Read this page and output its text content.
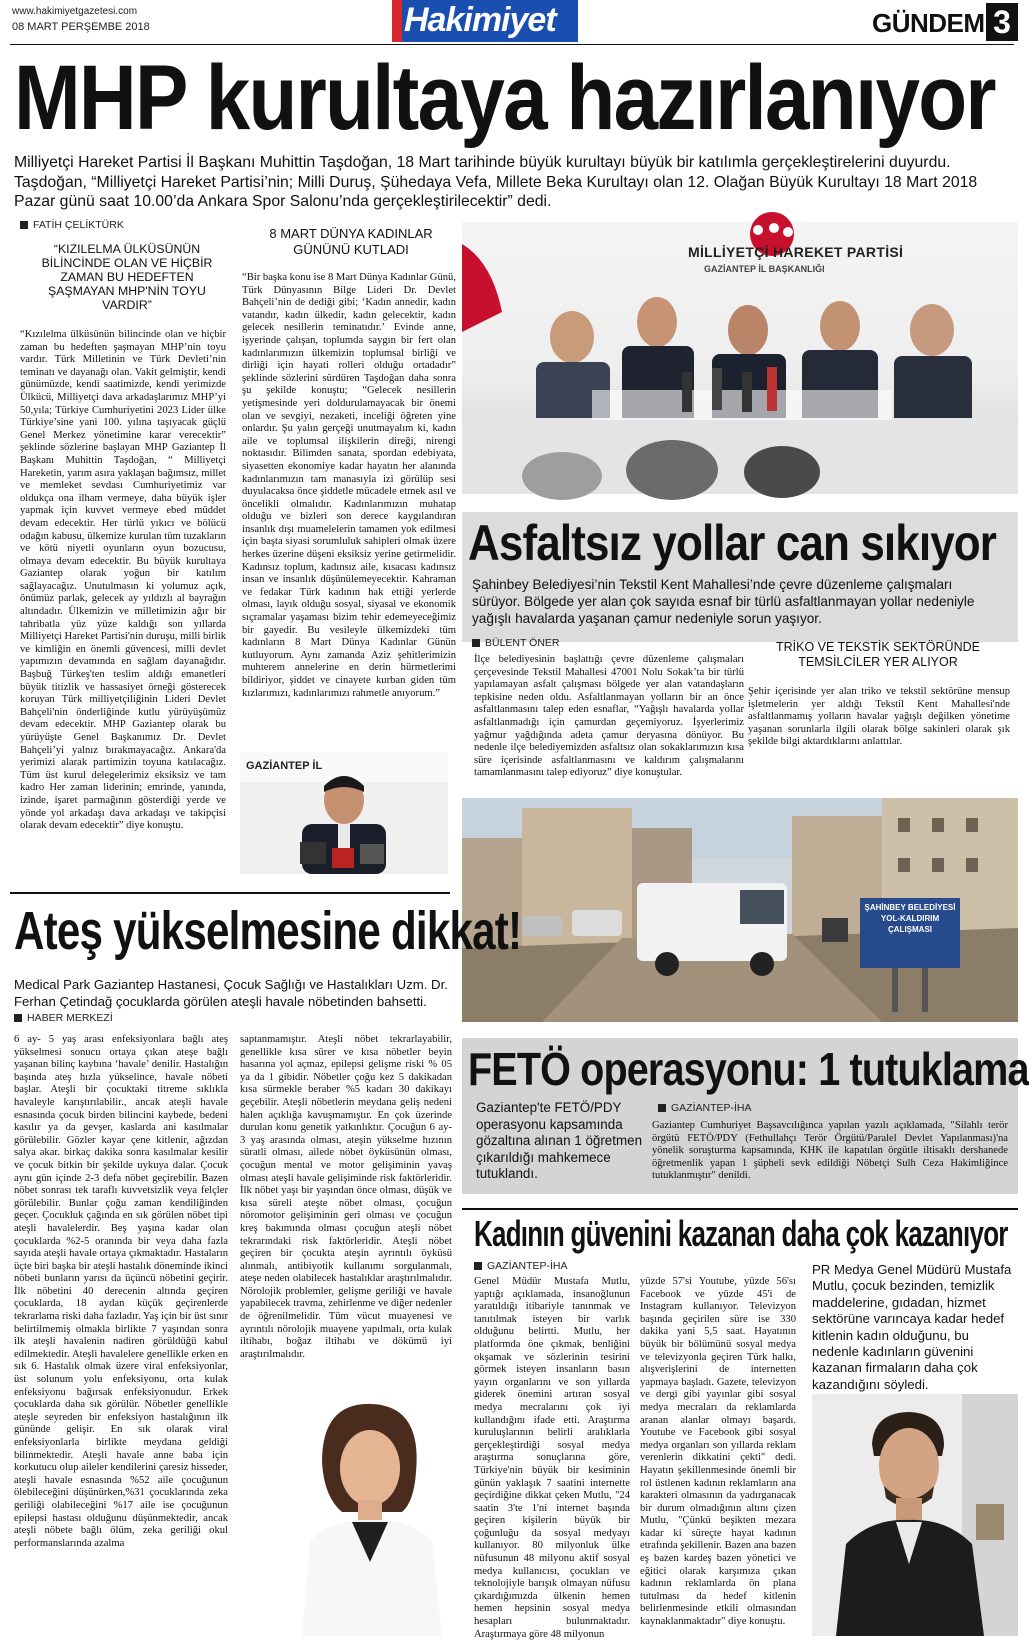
www.hakimiyetgazetesi.com
08 MART PERŞEMBE 2018	Hakimiyet	GÜNDEM 3
MHP kurultaya hazırlanıyor
Milliyetçi Hareket Partisi İl Başkanı Muhittin Taşdoğan, 18 Mart tarihinde büyük kurultayı büyük bir katılımla gerçekleştirelerini duyurdu. Taşdoğan, “Milliyetçi Hareket Partisi’nin; Milli Duruş, Şühedaya Vefa, Millete Beka Kurultayı olan 12. Olağan Büyük Kurultayı 18 Mart 2018 Pazar günü saat 10.00’da Ankara Spor Salonu’nda gerçekleştirilecektir” dedi.
FATİH ÇELİKTÜRK
“KIZILELMA ÜLKÜSÜNÜN BİLİNCİNDE OLAN VE HİÇBİR ZAMAN BU HEDEFTEN ŞAŞMAYAN MHP'NİN TOYU VARDIR”
“Kızılelma ülküsünün bilincinde olan ve hiçbir zaman bu hedeften şaşmayan MHP’nin toyu vardır. Türk Milletinin ve Türk Devleti’nin teminatı ve dayanağı olan. Vakit gelmiştir, kendi günümüzde, kendi saatimizde, kendi yerimizde Ülkücü, Milliyetçi dava arkadaşlarımız MHP’yi 50,yıla; Türkiye Cumhuriyetini 2023 Lider ülke Türkiye’sine yani 100. yılına taşıyacak güçlü Genel Merkez yönetimine karar verecektir” şeklinde sözlerine başlayan MHP Gaziantep İl Başkanı Muhittin Taşdoğan, “ Milliyetçi Hareketin, yarım asıra yaklaşan bağımsız, millet ve memleket sevdası Cumhuriyetimiz var oldukça ona ilham vermeye, daha büyük işler yapmak için kuvvet vermeye ebed müddet devam edecektir. Her türlü yıkıcı ve bölücü odağın kabusu, ülkemize kurulan tüm tuzakların ve kötü niyetli oyunların oyun bozucusu, olmaya devam edecektir. Bu büyük kurultaya Gaziantep olarak yoğun bir katılım sağlayacağız. Unutulmasın ki yolumuz açık, önümüz parlak, gelecek ay yıldızlı al bayrağın altındadır. Ülkemizin ve milletimizin ağır bir tahribatla yüz yüze kaldığı son yıllarda Milliyetçi Hareket Partisi'nin duruşu, milli birlik ve kimliğin en önemli güvencesi, milli devlet yapımızın devamında en sağlam dayanağıdır. Başbuğ Türkeş'ten teslim aldığı emanetleri büyük titizlik ve hassasiyet örneği gösterecek koruyan Türk milliyetçiliğinin Lideri Devlet Bahçeli'nin önderliğinde kutlu yürüyüşümüz devam edecektir. MHP Gaziantep olarak bu yürüyüşte Genel Başkanımız Dr. Devlet Bahçeli’yi yalnız bırakmayacağız. Ankara'da yerimizi alarak partimizin toyuna katılacağız. Tüm üst kurul delegelerimiz eksiksiz ve tam kadro Her zaman liderinin; emrinde, yanında, izinde, işaret parmağının gösterdiği yerde ve yönde yol arkadaşı dava arkadaşı ve takipçisi olarak devam edecektir” diye konuştu.
8 MART DÜNYA KADINLAR GÜNÜNÜ KUTLADI
“Bir başka konu ise 8 Mart Dünya Kadınlar Günü, Türk Dünyasının Bilge Lideri Dr. Devlet Bahçeli’nin de dediği gibi; ‘Kadın annedir, kadın vatandır, kadın ülkedir, kadın gelecektir, kadın gelecek nesillerin teminatıdır.’ Evinde anne, işyerinde çalışan, toplumda saygın bir fert olan kadınlarımızın ülkemizin toplumsal birliği ve dirliği için hayati rolleri olduğu ortadadır” şeklinde sözlerini sürdüren Taşdoğan daha sonra şu şekilde konuştu; “Gelecek nesillerin yetişmesinde yeri doldurulamayacak bir önemi olan ve sevgiyi, nezaketi, inceliği öğreten yine onlardır. Şu yalın gerçeği unutmayalım ki, kadın aile ve toplumsal ilişkilerin direği, nirengi noktasıdır. Bilimden sanata, spordan edebiyata, siyasetten ekonomiye kadar hayatın her alanında kadınlarımızın tam manasıyla izi görülüp sesi duyulacaksa önce şiddetle mücadele etmek asıl ve öncelikli olmalıdır. Kadınlarımızın muhatap olduğu ve bizleri son derece kaygılandıran insanlık dışı muamelelerin tamamen yok edilmesi için başta siyasi sorumluluk sahipleri olmak üzere herkes üzerine düşeni eksiksiz yerine getirmelidir. Kadınsız toplum, kadınsız aile, kısacası kadınsız insan ve insanlık düşünülemeyecektir. Kahraman ve fedakar Türk kadının hak ettiği yerlerde olması, layık olduğu sosyal, siyasal ve ekonomik sıçramalar yaşaması bizim tehir edemeyeceğimiz bir gayedir. Bu vesileyle ülkemizdeki tüm kadınların 8 Mart Dünya Kadınlar Günün kutluyorum. Aynı zamanda Aziz şehitlerimizin muhterem annelerine en derin hürmetlerimi bildiriyor, şiddet ve cinayete kurban giden tüm kızlarımızı, kadınlarımızı rahmetle anıyorum.”
MİLLİYETÇİ HAREKET PARTİSİ
GAZİANTEP İL BAŞKANLIĞI
GAZİANTEP İL
Asfaltsız yollar can sıkıyor
Şahinbey Belediyesi’nin Tekstil Kent Mahallesi’nde çevre düzenleme çalışmaları sürüyor. Bölgede yer alan çok sayıda esnaf bir türlü asfaltlanmayan yollar nedeniyle yağışlı havalarda yaşanan çamur nedeniyle sorun yaşıyor.
BÜLENT ÖNER
İlçe belediyesinin başlattığı çevre düzenleme çalışmaları çerçevesinde Tekstil Mahallesi 47001 Nolu Sokak’ta bir türlü yapılamayan asfalt çalışması bölgede yer alan vatandaşların tepkisine neden oldu. Asfaltlanmayan yolların bir an önce asfaltlanmasını talep eden esnaflar, “Yağışlı havalarda yollar asfaltlanmadığı için çamurdan geçemiyoruz. İşyerlerimiz yağmur yağdığında adeta çamur deryasına dönüyor. Bu nedenle ilçe belediyemizden asfaltsız olan sokaklarımızın kısa süre içerisinde asfaltlanmasını ve kaldırım çalışmalarını tamamlanmasını talep ediyoruz” diye konuştular.
TRİKO VE TEKSTİK SEKTÖRÜNDE TEMSİLCİLER YER ALIYOR
Şehir içerisinde yer alan triko ve tekstil sektörüne mensup işletmelerin yer aldığı Tekstil Kent Mahallesi'nde asfaltlanmamış yolların havalar yağışlı değilken yönetime yaşanan sorunlarla ilgili olarak bölge sakinleri olarak şık şekilde bilgi aktardıklarını anlattılar.
ŞAHİNBEY BELEDİYESİ YOL-KALDIRIM ÇALIŞMASI
Ateş yükselmesine dikkat!
Medical Park Gaziantep Hastanesi, Çocuk Sağlığı ve Hastalıkları Uzm. Dr. Ferhan Çetindağ çocuklarda görülen ateşli havale nöbetinden bahsetti.
HABER MERKEZİ
6 ay- 5 yaş arası enfeksiyonlara bağlı ateş yükselmesi sonucu ortaya çıkan ateşe bağlı yaşanan bilinç kaybına ‘havale’ denilir. Hastalığın başında ateş hızla yükselince, havale nöbeti başlar. Ateşli bir çocuktaki titreme sıklıkla havaleyle karıştırılabilir., ancak ateşli havale esnasında çocuk birden bilincini kaybede, bedeni kasılır ya da gevşer, kaslarda ani kasılmalar görülebilir. Gözler kayar çene kitlenir, ağızdan salya akar. birkaç dakika sonra kasılmalar kesilir ve çocuk bitkin bir şekilde uykuya dalar. Çocuk aynı gün içinde 2-3 defa nöbet geçirebilir. Bazen nöbet sonrası tek taraflı kuvvetsizlik veya felçler görülebilir. Bunlar çoğu zaman kendiliğinden geçer. Çocukluk çağında en sık görülen nöbet tipi ateşli havalelerdir. Beş yaşına kadar olan çocuklarda %2-5 oranında bir veya daha fazla sayıda ateşli havale ortaya çıkmaktadır. Hastaların üçte biri başka bir ateşli hastalık döneminde ikinci nöbeti bunların yarısı da üçüncü nöbetini geçirir. İlk nöbetini 40 derecenin altında geçiren çocuklarda, 18 aydan küçük geçirenlerde tekrarlama riski daha fazladır. Yaş için bir üst sınır belirtilmemiş olmakla birlikte 7 yaşından sonra ilk ateşli havalenin nadiren görüldüğü kabul edilmektedir. Ateşli havalelere genellikle erken en sık 6. Hastalık olmak üzere viral enfeksiyonlar, üst solunum yolu enfeksiyonu, orta kulak enfeksiyonu bağırsak enfeksiyonudur. Erkek çocuklarda daha sık görülür. Nöbetler genellikle ateşle seyreden bir enfeksiyon hastalığının ilk gününde gelişir. En sık olarak viral enfeksiyonlarla birlikte meydana geldiği bilinmektedir. Ateşli havale anne baba için korkutucu olup aileler kendilerini çaresiz hisseder, ateşli havale esnasında %52 aile çocuğunun ölebileceğini düşünürken,%31 çocuklarında zeka geriliği olabileceğini %17 aile ise çocuğunun epilepsi hastası olduğunu düşünmektedir, ancak ateşli nöbete bağlı ölüm, zeka geriliği okul performanslarında azalma
saptanmamıştır. Ateşli nöbet tekrarlayabilir, genellikle kısa sürer ve kısa nöbetler beyin hasarına yol açmaz, epilepsi gelişme riski % 05 ya da 1 gibidir. Nöbetler çoğu kez 5 dakikadan kısa sürmekle beraber %5 kadarı 30 dakikayı geçebilir. Ateşli nöbetlerin meydana geliş nedeni halen açıklığa kavuşmamıştır. En çok üzerinde durulan konu genetik yatkınlıktır. Çocuğun 6 ay-3 yaş arasında olması, ateşin yükselme hızının süratli olması, ailede nöbet öyküsünün olması, çocuğun mental ve motor gelişiminin yavaş olması ateşli havale gelişiminde risk faktörleridir. İlk nöbet yaşı bir yaşından önce olması, düşük ve kısa süreli ateşte nöbet olması, çocuğun nöromotor gelişiminin geri olması ve çocuğun kreş bakımında olması çocuğun ateşli nöbet tekrarındaki risk faktörleridir. Ateşli nöbet geçiren bir çocukta ateşin ayrıntılı öyküsü alınmalı, antibiyotik kullanımı sorgulanmalı, ateşe neden olabilecek hastalıklar araştırılmalıdır. Nörolojik problemler, gelişme geriliği ve havale yapabilecek travma, zehirlenme ve diğer nedenler de öğrenilmelidir. Tüm vücut muayenesi ve ayrıntılı nörolojik muayene yapılmalı, orta kulak iltihabı, boğaz iltihabı ve dökümü iyi araştırılmalıdır.
FETÖ operasyonu: 1 tutuklama
Gaziantep'te FETÖ/PDY operasyonu kapsamında gözaltına alınan 1 öğretmen çıkarıldığı mahkemece tutuklandı.
GAZİANTEP-İHA
Gaziantep Cumhuriyet Başsavcılığınca yapılan yazılı açıklamada, "Silahlı terör örgütü FETÖ/PDY (Fethullahçı Terör Örgütü/Paralel Devlet Yapılanması)'na yönelik soruşturma kapsamında, KHK ile kapatılan örgütle iltisaklı dershanede öğretmenlik yapan 1 şüpheli sevk edildiği Nöbetçi Sulh Ceza Hakimliğince tutuklanmıştır" denildi.
Kadının güvenini kazanan daha çok kazanıyor
GAZİANTEP-İHA
Genel Müdür Mustafa Mutlu, yaptığı açıklamada, insanoğlunun yaratıldığı itibariyle tanınmak ve tanıtılmak isteyen bir varlık olduğunu belirtti. Mutlu, her platformda öne çıkmak, benliğini okşamak ve sözlerinin tesirini görmek isteyen insanların basın yayın organlarını ve son yıllarda giderek önemini artıran sosyal medya mecralarını çok iyi kullandığını ifade etti. Araştırma kuruluşlarının belirli aralıklarla gerçekleştirdiği sosyal medya araştırma sonuçlarına göre, Türkiye'nin büyük bir kesiminin günün yaklaşık 7 saatini internette geçirdiğine dikkat çeken Mutlu, "24 saatin 3'te 1'ni internet başında geçiren kişilerin büyük bir çoğunluğu da sosyal medyayı kullanıyor. 80 milyonluk ülke nüfusunun 48 milyonu aktif sosyal medya kullanıcısı, çocukları ve teknolojiyle barışık olmayan nüfusu çıkardığımızda ülkenin hemen hemen hepsinin sosyal medya hesapları bulunmaktadır. Araştırmaya göre 48 milyonun
yüzde 57'si Youtube, yüzde 56'sı Facebook ve yüzde 45'i de Instagram kullanıyor. Televizyon başında geçirilen süre ise 330 dakika yani 5,5 saat. Hayatının büyük bir bölümünü sosyal medya ve televizyonla geçiren Türk halkı, alışverişlerini de internetten yapmaya başladı. Gazete, televizyon ve dergi gibi yayınlar gibi sosyal medya mecraları da reklamlarda aranan alanlar olmayı başardı. Youtube ve Facebook gibi sosyal medya organları son yıllarda reklam verenlerin dikkatini çekti" dedi. Hayatın şekillenmesinde önemli bir rol üstlenen kadının reklamların ana karakteri olmasının da yadırganacak bir durum olmadığının altını çizen Mutlu, "Çünkü beşikten mezara kadar ki süreçte hayat kadının etrafında şekillenir. Bazen ana bazen eş bazen kardeş bazen yönetici ve eğitici olarak karşımıza çıkan kadının reklamlarda ön plana tutulması da hedef kitlenin belirlenmesinde etkili olmasından kaynaklanmaktadır" diye konuştu.
PR Medya Genel Müdürü Mustafa Mutlu, çocuk bezinden, temizlik maddelerine, gıdadan, hizmet sektörüne varıncaya kadar hedef kitlenin kadın olduğunu, bu nedenle kadınların güvenini kazanan firmaların daha çok kazandığını söyledi.
